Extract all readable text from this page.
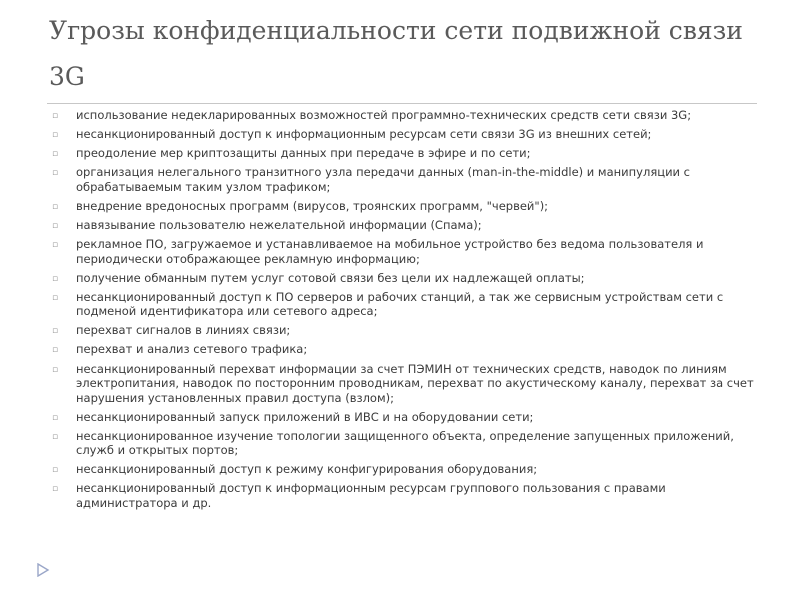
Угрозы конфиденциальности сети подвижной связи 3G
▫ использование недекларированных возможностей программно-технических средств сети связи 3G;
▫ несанкционированный доступ к информационным ресурсам сети связи 3G из внешних сетей;
▫ преодоление мер криптозащиты данных при передаче в эфире и по сети;
▫ организация нелегального транзитного узла передачи данных (man-in-the-middle) и манипуляции с обрабатываемым таким узлом трафиком;
▫ внедрение вредоносных программ (вирусов, троянских программ, "червей");
▫ навязывание пользователю нежелательной информации (Спама);
▫ рекламное ПО, загружаемое и устанавливаемое на мобильное устройство без ведома пользователя и периодически отображающее рекламную информацию;
▫ получение обманным путем услуг сотовой связи без цели их надлежащей оплаты;
▫ несанкционированный доступ к ПО серверов и рабочих станций, а так же сервисным устройствам сети с подменой идентификатора или сетевого адреса;
▫ перехват сигналов в линиях связи;
▫ перехват и анализ сетевого трафика;
▫ несанкционированный перехват информации за счет ПЭМИН от технических средств, наводок по линиям электропитания, наводок по посторонним проводникам, перехват по акустическому каналу, перехват за счет нарушения установленных правил доступа (взлом);
▫ несанкционированный запуск приложений в ИВС и на оборудовании сети;
▫ несанкционированное изучение топологии защищенного объекта, определение запущенных приложений, служб и открытых портов;
▫ несанкционированный доступ к режиму конфигурирования оборудования;
▫ несанкционированный доступ к информационным ресурсам группового пользования с правами администратора и др.
